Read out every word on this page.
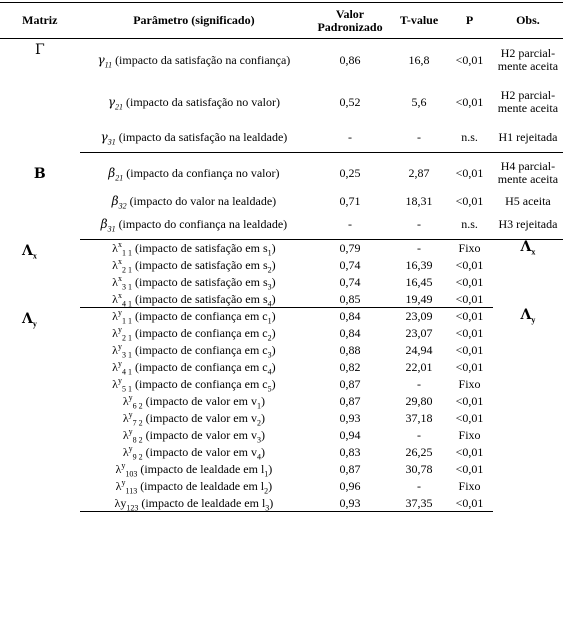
Matriz	Parâmetro (significado)	Valor Padronizado	T-value	P	Obs.
Γ	$\gamma_{11}$ (impacto da satisfação na confiança)	0,86	16,8	<0,01	H2 parcial-mente aceita
	$\gamma_{21}$ (impacto da satisfação no valor)	0,52	5,6	<0,01	H2 parcial-mente aceita
	$\gamma_{31}$ (impacto da satisfação na lealdade)	-	-	n.s.	H1 rejeitada
B	$\beta_{21}$ (impacto da confiança no valor)	0,25	2,87	<0,01	H4 parcial-mente aceita
	$\beta_{32}$ (impacto do valor na lealdade)	0,71	18,31	<0,01	H5 aceita
	$\beta_{31}$ (impacto do confiança na lealdade)	-	-	n.s.	H3 rejeitada
$\Lambda_x$	$\lambda^x_{1 1}$ (impacto de satisfação em $s_1$)	0,79	-	Fixo	$\Lambda_x$
	$\lambda^x_{2 1}$ (impacto de satisfação em $s_2$)	0,74	16,39	<0,01	
	$\lambda^x_{3 1}$ (impacto de satisfação em $s_3$)	0,74	16,45	<0,01	
	$\lambda^x_{4 1}$ (impacto de satisfação em $s_4$)	0,85	19,49	<0,01	
$\Lambda_y$	$\lambda^y_{1 1}$ (impacto de confiança em $c_1$)	0,84	23,09	<0,01	$\Lambda_y$
	$\lambda^y_{2 1}$ (impacto de confiança em $c_2$)	0,84	23,07	<0,01	
	$\lambda^y_{3 1}$ (impacto de confiança em $c_3$)	0,88	24,94	<0,01	
	$\lambda^y_{4 1}$ (impacto de confiança em $c_4$)	0,82	22,01	<0,01	
	$\lambda^y_{5 1}$ (impacto de confiança em $c_5$)	0,87	-	Fixo	
	$\lambda^y_{6 2}$ (impacto de valor em $v_1$)	0,87	29,80	<0,01	
	$\lambda^y_{7 2}$ (impacto de valor em $v_2$)	0,93	37,18	<0,01	
	$\lambda^y_{8 2}$ (impacto de valor em $v_3$)	0,94	-	Fixo	
	$\lambda^y_{9 2}$ (impacto de valor em $v_4$)	0,83	26,25	<0,01	
	$\lambda^y_{103}$ (impacto de lealdade em $l_1$)	0,87	30,78	<0,01	
	$\lambda^y_{113}$ (impacto de lealdade em $l_2$)	0,96	-	Fixo	
	$\lambda y_{123}$ (impacto de lealdade em $l_3$)	0,93	37,35	<0,01	
